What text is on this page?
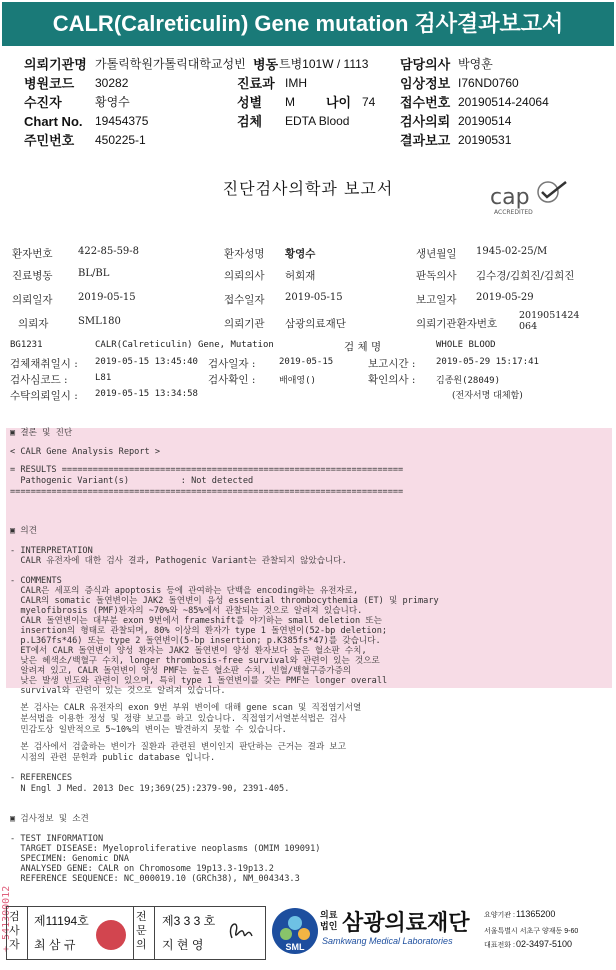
CALR(Calreticulin) Gene mutation 검사결과보고서
의뢰기관명 가톨릭학원가톨릭대학교성빈 병동 트병101W / 1113 담당의사 박영훈
병원코드 30282	진료과 IMH	임상정보 I76ND0760
수진자	황영수	성별 M 나이 74 접수번호 20190514-24064
Chart No. 19454375	검체 EDTA Blood	검사의뢰 20190514
주민번호 450225-1	결과보고 20190531
진단검사의학과 보고서	cap
ACCREDITED
환자번호	422-85-59-8	환자성명 황영수	생년월일 1945-02-25/M
진료병동	BL/BL	의뢰의사 허회재	판독의사 김수경/김희진/김희진
의뢰일자	2019-05-15	접수일자 2019-05-15	보고일자 2019-05-29
의뢰자	SML180	의뢰기관 삼광의료재단	의뢰기관환자번호
2019051424064
BG1231	CALR(Calreticulin) Gene, Mutation	검 체 명	WHOLE BLOOD
검체채취일시 : 2019-05-15 13:45:40 검사일자 :	2019-05-15	보고시간 : 2019-05-29 15:17:41
검사심코드 :	L81	검사확인 :	배애영()	확인의사 : 김종원(28049)
수탁의뢰일시 : 2019-05-15 13:34:58	(전자서명 대체함)
▣ 결론 및 진단
< CALR Gene Analysis Report >
= RESULTS ==================================================================
Pathogenic Variant(s)          : Not detected
============================================================================
▣ 의견
- INTERPRETATION
CALR 유전자에 대한 검사 결과, Pathogenic Variant는 관찰되지 않았습니다.
- COMMENTS
CALR은 세포의 증식과 apoptosis 등에 관여하는 단백을 encoding하는 유전자로,
CALR의 somatic 돌연변이는 JAK2 돌연변이 음성 essential thrombocythemia (ET) 및 primary
myelofibrosis (PMF)환자의 ~70%와 ~85%에서 관찰되는 것으로 알려져 있습니다.
CALR 돌연변이는 대부분 exon 9번에서 frameshift를 야기하는 small deletion 또는
insertion의 형태로 관찰되며, 80% 이상의 환자가 type 1 돌연변이(52-bp deletion;
p.L367fs*46) 또는 type 2 돌연변이(5-bp insertion; p.K385fs*47)를 갖습니다.
ET에서 CALR 돌연변이 양성 환자는 JAK2 돌연변이 양성 환자보다 높은 혈소판 수치,
낮은 헤색소/백혈구 수치, longer thrombosis-free survival와 관련이 있는 것으로
알려져 있고, CALR 돌연변이 양성 PMF는 높은 혈소판 수치, 빈혈/백혈구증가증의
낮은 발생 빈도와 관련이 있으며, 특히 type 1 돌연변이를 갖는 PMF는 longer overall
survival와 관련이 있는 것으로 알려져 있습니다.
본 검사는 CALR 유전자의 exon 9번 부위 변이에 대해 gene scan 및 직접염기서열
분석법을 이용한 정성 및 정량 보고를 하고 있습니다. 직접염기서열분석법은 검사
민감도상 일반적으로 5~10%의 변이는 발견하지 못할 수 있습니다.
본 검사에서 검출하는 변이가 질환과 관련된 변이인지 판단하는 근거는 결과 보고
시점의 관련 문헌과 public database 입니다.
- REFERENCES
N Engl J Med. 2013 Dec 19;369(25):2379-90, 2391-405.
▣ 검사정보 및 소견
- TEST INFORMATION
TARGET DISEASE: Myeloproliferative neoplasms (OMIM 109091)
SPECIMEN: Genomic DNA
ANALYSED GENE: CALR on Chromosome 19p13.3-19p13.2
REFERENCE SEQUENCE: NC_000019.10 (GRCh38), NM_004343.3
+ 541300012
검사자
제11194호
최 삼 규
전문의
제3 3 3 호
지 현 영	SML
의료법인 삼광의료재단
Samkwang Medical Laboratories
요양기관 : 11365200
서울특별시 서초구 양재동 9-60
대표전화 : 02-3497-5100
